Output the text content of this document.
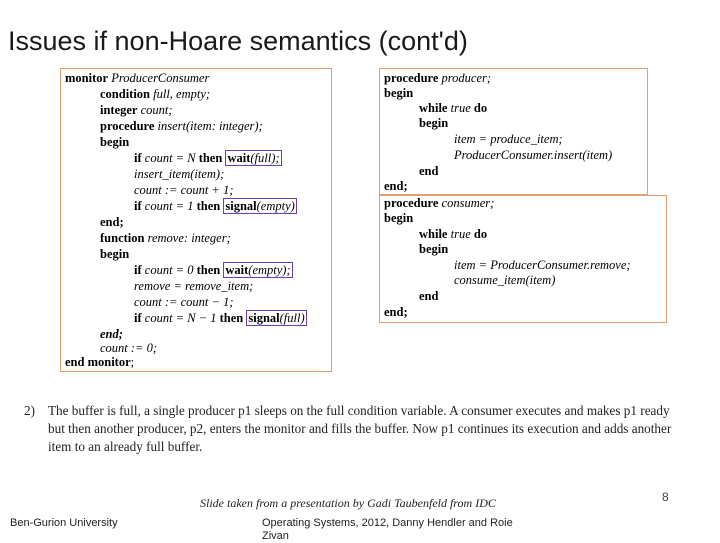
Issues if non-Hoare semantics (cont'd)
monitor ProducerConsumer
condition full, empty;
integer count;
procedure insert(item: integer);
begin
if count = N then wait(full);
insert_item(item);
count := count + 1;
if count = 1 then signal(empty)
end;
function remove: integer;
begin
if count = 0 then wait(empty);
remove = remove_item;
count := count − 1;
if count = N − 1 then signal(full)
end;
count := 0;
end monitor;
procedure producer;
begin
while true do
begin
item = produce_item;
ProducerConsumer.insert(item)
end
end;
procedure consumer;
begin
while true do
begin
item = ProducerConsumer.remove;
consume_item(item)
end
end;
2) The buffer is full, a single producer p1 sleeps on the full condition variable. A consumer executes and makes p1 ready but then another producer, p2, enters the monitor and fills the buffer. Now p1 continues its execution and adds another item to an already full buffer.
Slide taken from a presentation by Gadi Taubenfeld from IDC	8
Ben-Gurion University	Operating Systems, 2012, Danny Hendler and Roie Zivan
